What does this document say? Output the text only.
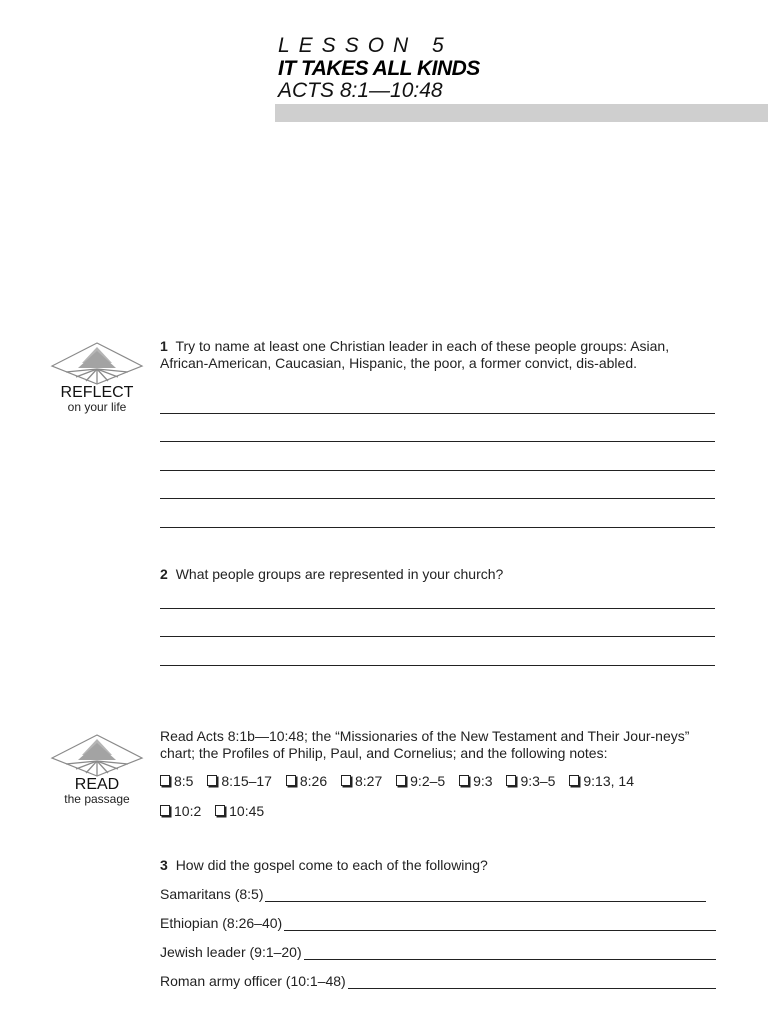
LESSON 5
IT TAKES ALL KINDS
ACTS 8:1—10:48
REFLECT
on your life
1 Try to name at least one Christian leader in each of these people groups: Asian, African-American, Caucasian, Hispanic, the poor, a former convict, dis-abled.
2 What people groups are represented in your church?
READ
the passage
Read Acts 8:1b—10:48; the “Missionaries of the New Testament and Their Jour-neys” chart; the Profiles of Philip, Paul, and Cornelius; and the following notes:
8:5 8:15–17 8:26 8:27 9:2–5 9:3 9:3–5 9:13, 14
10:2 10:45
3 How did the gospel come to each of the following?
Samaritans (8:5)
Ethiopian (8:26–40)
Jewish leader (9:1–20)
Roman army officer (10:1–48)
